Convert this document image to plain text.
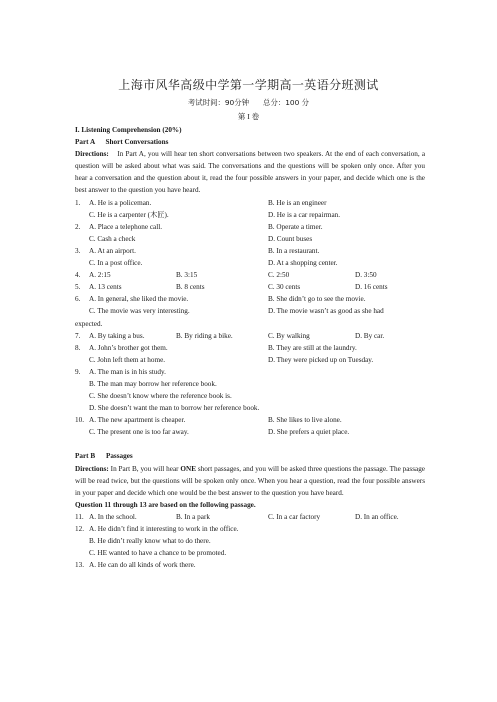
上海市风华高级中学第一学期高一英语分班测试
考试时间：90分钟 总分：100 分
第 I 卷
I. Listening Comprehension (20%)
Part A      Short Conversations
Directions: In Part A, you will hear ten short conversations between two speakers. At the end of each conversation, a question will be asked about what was said. The conversations and the questions will be spoken only once. After you hear a conversation and the question about it, read the four possible answers in your paper, and decide which one is the best answer to the question you have heard.
1. A. He is a policeman.	B. He is an engineer
C. He is a carpenter (木匠).	D. He is a car repairman.
2. A. Place a telephone call.	B. Operate a timer.
C. Cash a check	D. Count buses
3. A. At an airport.	B. In a restaurant.
C. In a post office.	D. At a shopping center.
4. A. 2:15	B. 3:15	C. 2:50	D. 3:50
5. A. 13 cents	B. 8 cents	C. 30 cents	D. 16 cents
6. A. In general, she liked the movie.	B. She didn’t go to see the movie.
C. The movie was very interesting.	D. The movie wasn’t as good as she had
expected.
7. A. By taking a bus.	B. By riding a bike.	C. By walking	D. By car.
8. A. John’s brother got them.	B. They are still at the laundry.
C. John left them at home.	D. They were picked up on Tuesday.
9. A. The man is in his study.
B. The man may borrow her reference book.
C. She doesn’t know where the reference book is.
D. She doesn’t want the man to borrow her reference book.
10. A. The new apartment is cheaper.	B. She likes to live alone.
C. The present one is too far away.	D. She prefers a quiet place.
Part B      Passages
Directions: In Part B, you will hear ONE short passages, and you will be asked three questions the passage. The passage will be read twice, but the questions will be spoken only once. When you hear a question, read the four possible answers in your paper and decide which one would be the best answer to the question you have heard.
Question 11 through 13 are based on the following passage.
11. A. In the school.	B. In a park	C. In a car factory	D. In an office.
12. A. He didn’t find it interesting to work in the office.
B. He didn’t really know what to do there.
C. HE wanted to have a chance to be promoted.
13. A. He can do all kinds of work there.
